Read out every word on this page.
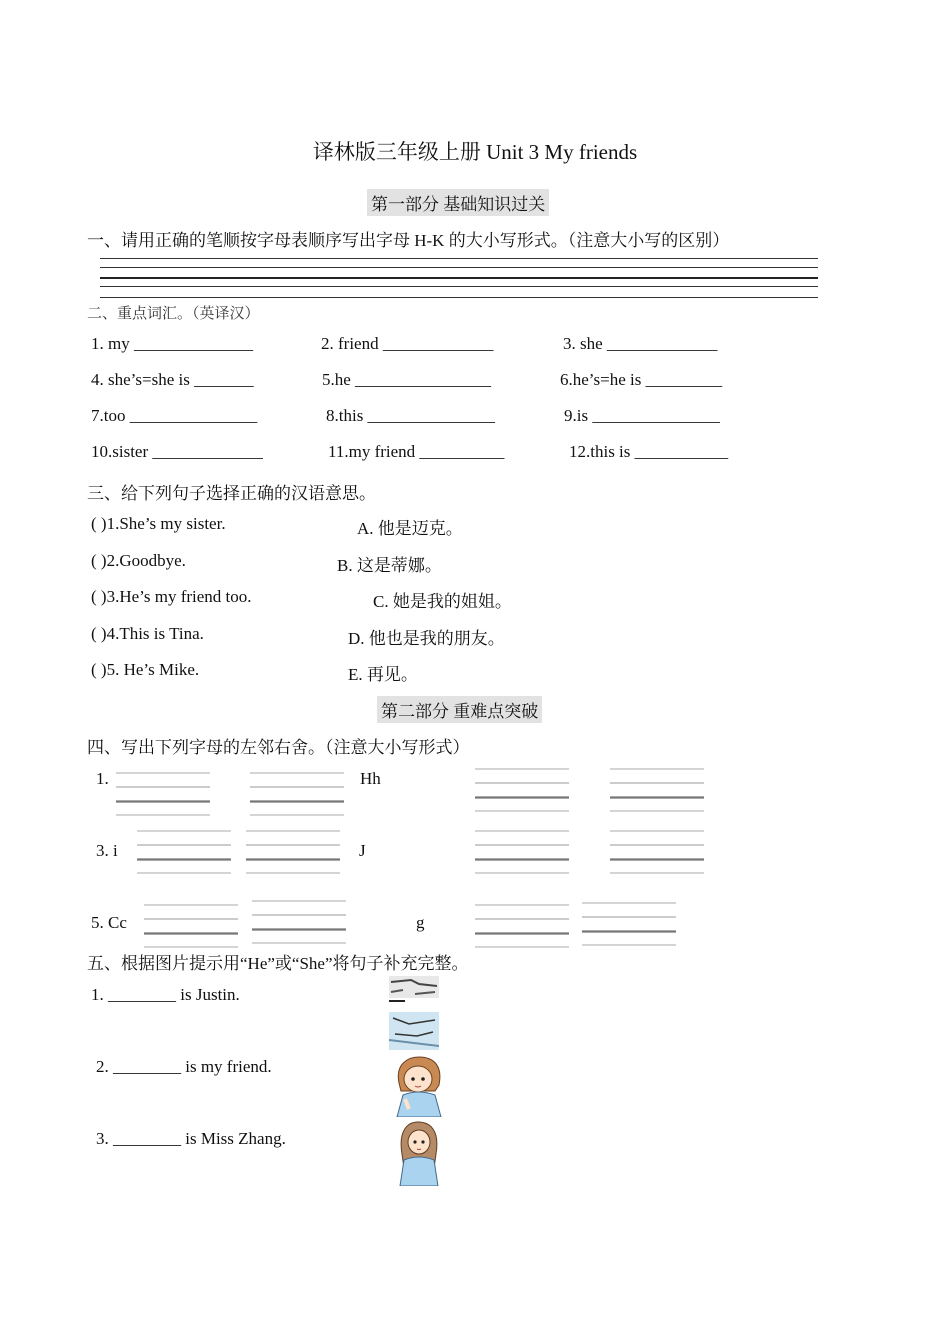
译林版三年级上册 Unit 3 My friends
第一部分 基础知识过关
一、请用正确的笔顺按字母表顺序写出字母 H-K 的大小写形式。（注意大小写的区别）
二、重点词汇。（英译汉）
1. my ______________	2. friend _____________	3. she _____________
4. she’s=she is _______	5.he ________________	6.he’s=he is _________
7.too _______________	8.this _______________	9.is _______________
10.sister _____________	11.my friend __________	12.this is ___________
三、给下列句子选择正确的汉语意思。
( )1.She’s my sister.
( )2.Goodbye.
( )3.He’s my friend too.
( )4.This is Tina.
( )5. He’s Mike.
A. 他是迈克。
B. 这是蒂娜。
C. 她是我的姐姐。
D. 他也是我的朋友。
E. 再见。
第二部分 重难点突破
四、写出下列字母的左邻右舍。（注意大小写形式）
1.	Hh
3. i	J
5. Cc	g
五、根据图片提示用“He”或“She”将句子补充完整。
1. ________ is Justin.
2. ________ is my friend.
3. ________ is Miss Zhang.
